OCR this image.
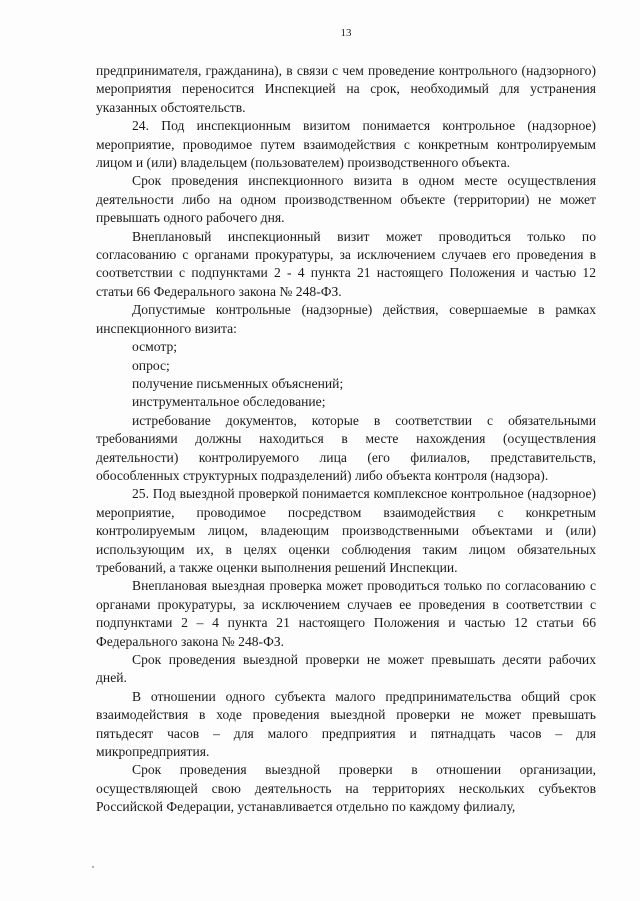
13

предпринимателя, гражданина), в связи с чем проведение контрольного (надзорного) мероприятия переносится Инспекцией на срок, необходимый для устранения указанных обстоятельств.

24. Под инспекционным визитом понимается контрольное (надзорное) мероприятие, проводимое путем взаимодействия с конкретным контролируемым лицом и (или) владельцем (пользователем) производственного объекта.

Срок проведения инспекционного визита в одном месте осуществления деятельности либо на одном производственном объекте (территории) не может превышать одного рабочего дня.

Внеплановый инспекционный визит может проводиться только по согласованию с органами прокуратуры, за исключением случаев его проведения в соответствии с подпунктами 2 - 4 пункта 21 настоящего Положения и частью 12 статьи 66 Федерального закона № 248-ФЗ.

Допустимые контрольные (надзорные) действия, совершаемые в рамках инспекционного визита:

осмотр;

опрос;

получение письменных объяснений;

инструментальное обследование;

истребование документов, которые в соответствии с обязательными требованиями должны находиться в месте нахождения (осуществления деятельности) контролируемого лица (его филиалов, представительств, обособленных структурных подразделений) либо объекта контроля (надзора).

25. Под выездной проверкой понимается комплексное контрольное (надзорное) мероприятие, проводимое посредством взаимодействия с конкретным контролируемым лицом, владеющим производственными объектами и (или) использующим их, в целях оценки соблюдения таким лицом обязательных требований, а также оценки выполнения решений Инспекции.

Внеплановая выездная проверка может проводиться только по согласованию с органами прокуратуры, за исключением случаев ее проведения в соответствии с подпунктами 2 – 4 пункта 21 настоящего Положения и частью 12 статьи 66 Федерального закона № 248-ФЗ.

Срок проведения выездной проверки не может превышать десяти рабочих дней.

В отношении одного субъекта малого предпринимательства общий срок взаимодействия в ходе проведения выездной проверки не может превышать пятьдесят часов – для малого предприятия и пятнадцать часов – для микропредприятия.

Срок проведения выездной проверки в отношении организации, осуществляющей свою деятельность на территориях нескольких субъектов Российской Федерации, устанавливается отдельно по каждому филиалу,
